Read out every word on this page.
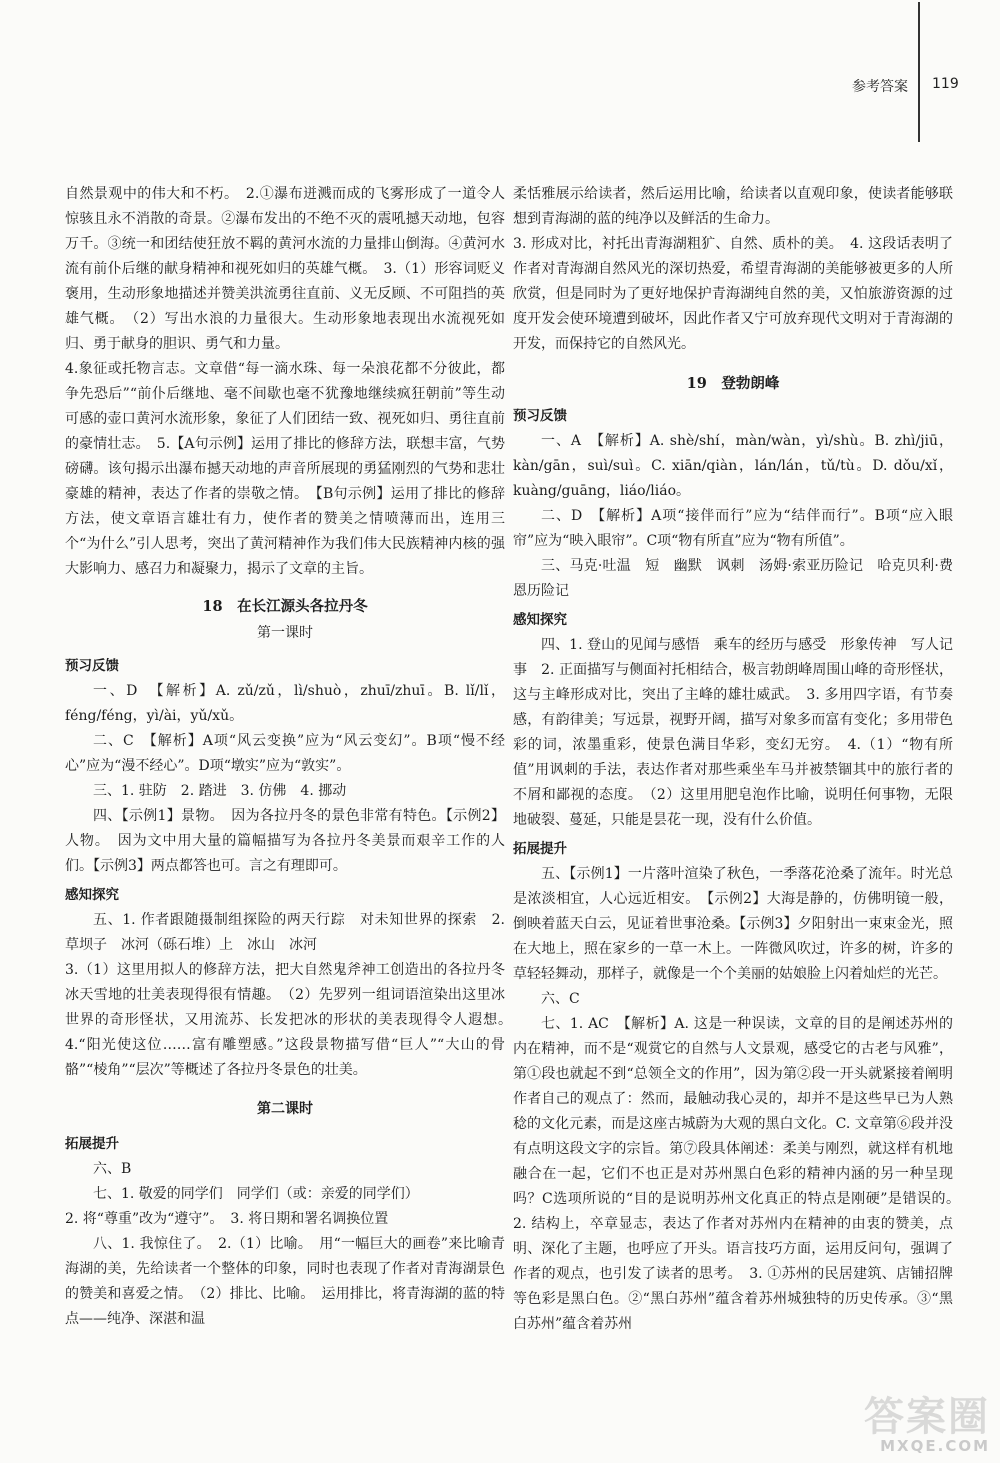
参考答案 119

自然景观中的伟大和不朽。　2.①瀑布迸溅而成的飞雾形成了一道令人惊骇且永不消散的奇景。②瀑布发出的不绝不灭的震吼撼天动地，包容万千。③统一和团结使狂放不羁的黄河水流的力量排山倒海。④黄河水流有前仆后继的献身精神和视死如归的英雄气概。　3.（1）形容词贬义褒用，生动形象地描述并赞美洪流勇往直前、义无反顾、不可阻挡的英雄气概。　（2）写出水浪的力量很大。生动形象地表现出水流视死如归、勇于献身的胆识、勇气和力量。

4.象征或托物言志。文章借“每一滴水珠、每一朵浪花都不分彼此，都争先恐后”“前仆后继地、毫不间歇也毫不犹豫地继续疯狂朝前”等生动可感的壶口黄河水流形象，象征了人们团结一致、视死如归、勇往直前的豪情壮志。　5.【A句示例】运用了排比的修辞方法，联想丰富，气势磅礴。该句揭示出瀑布撼天动地的声音所展现的勇猛刚烈的气势和悲壮豪雄的精神，表达了作者的崇敬之情。　【B句示例】运用了排比的修辞方法，使文章语言雄壮有力，使作者的赞美之情喷薄而出，连用三个“为什么”引人思考，突出了黄河精神作为我们伟大民族精神内核的强大影响力、感召力和凝聚力，揭示了文章的主旨。

18　在长江源头各拉丹冬
第一课时
预习反馈

一、D　【解析】A. zǔ/zǔ，lì/shuò，zhuī/zhuī。B. lǐ/lǐ，féng/féng，yì/ài，yǔ/xǔ。

二、C　【解析】A项“风云变换”应为“风云变幻”。B项“慢不经心”应为“漫不经心”。D项“墩实”应为“敦实”。

三、1. 驻防　2. 踏进　3. 仿佛　4. 挪动

四、【示例1】景物。　因为各拉丹冬的景色非常有特色。【示例2】人物。　因为文中用大量的篇幅描写为各拉丹冬美景而艰辛工作的人们。【示例3】两点都答也可。言之有理即可。

感知探究

五、1. 作者跟随摄制组探险的两天行踪　对未知世界的探索　2. 草坝子　冰河（砾石堆）上　冰山　冰河

3.（1）这里用拟人的修辞方法，把大自然鬼斧神工创造出的各拉丹冬冰天雪地的壮美表现得很有情趣。　（2）先罗列一组词语渲染出这里冰世界的奇形怪状，又用流苏、长发把冰的形状的美表现得令人遐想。　4.“阳光使这位……富有雕塑感。”这段景物描写借“巨人”“大山的骨骼”“棱角”“层次”等概述了各拉丹冬景色的壮美。

第二课时
拓展提升

六、B

七、1. 敬爱的同学们　同学们（或：亲爱的同学们）

2. 将“尊重”改为“遵守”。　3. 将日期和署名调换位置

八、1. 我惊住了。　2.（1）比喻。　用“一幅巨大的画卷”来比喻青海湖的美，先给读者一个整体的印象，同时也表现了作者对青海湖景色的赞美和喜爱之情。　（2）排比、比喻。　运用排比，将青海湖的蓝的特点——纯净、深湛和温

柔恬雅展示给读者，然后运用比喻，给读者以直观印象，使读者能够联想到青海湖的蓝的纯净以及鲜活的生命力。

3. 形成对比，衬托出青海湖粗犷、自然、质朴的美。　4. 这段话表明了作者对青海湖自然风光的深切热爱，希望青海湖的美能够被更多的人所欣赏，但是同时为了更好地保护青海湖纯自然的美，又怕旅游资源的过度开发会使环境遭到破坏，因此作者又宁可放弃现代文明对于青海湖的开发，而保持它的自然风光。

19　登勃朗峰
预习反馈

一、A　【解析】A. shè/shí，màn/wàn，yì/shù。B. zhì/jiū，kàn/gān，suì/suì。C. xiān/qiàn，lán/lán，tǔ/tù。D. dǒu/xǐ，kuàng/guāng，liáo/liáo。

二、D　【解析】A项“接伴而行”应为“结伴而行”。B项“应入眼帘”应为“映入眼帘”。C项“物有所直”应为“物有所值”。

三、马克·吐温　短　幽默　讽刺　汤姆·索亚历险记　哈克贝利·费恩历险记

感知探究

四、1. 登山的见闻与感悟　乘车的经历与感受　形象传神　写人记事　2. 正面描写与侧面衬托相结合，极言勃朗峰周围山峰的奇形怪状，这与主峰形成对比，突出了主峰的雄壮威武。　3. 多用四字语，有节奏感，有韵律美；写远景，视野开阔，描写对象多而富有变化；多用带色彩的词，浓墨重彩，使景色满目华彩，变幻无穷。　4.（1）“物有所值”用讽刺的手法，表达作者对那些乘坐车马并被禁锢其中的旅行者的不屑和鄙视的态度。　（2）这里用肥皂泡作比喻，说明任何事物，无限地破裂、蔓延，只能是昙花一现，没有什么价值。

拓展提升

五、【示例1】一片落叶渲染了秋色，一季落花沧桑了流年。时光总是浓淡相宜，人心远近相安。　【示例2】大海是静的，仿佛明镜一般，倒映着蓝天白云，见证着世事沧桑。【示例3】夕阳射出一束束金光，照在大地上，照在家乡的一草一木上。一阵微风吹过，许多的树，许多的草轻轻舞动，那样子，就像是一个个美丽的姑娘脸上闪着灿烂的光芒。

六、C

七、1. AC　【解析】A. 这是一种误读，文章的目的是阐述苏州的内在精神，而不是“观赏它的自然与人文景观，感受它的古老与风雅”，第①段也就起不到“总领全文的作用”，因为第②段一开头就紧接着阐明作者自己的观点了：然而，最触动我心灵的，却并不是这些早已为人熟稔的文化元素，而是这座古城蔚为大观的黑白文化。C. 文章第⑥段并没有点明这段文字的宗旨。第⑦段具体阐述：柔美与刚烈，就这样有机地融合在一起，它们不也正是对苏州黑白色彩的精神内涵的另一种呈现吗？C选项所说的“目的是说明苏州文化真正的特点是刚硬”是错误的。　2. 结构上，卒章显志，表达了作者对苏州内在精神的由衷的赞美，点明、深化了主题，也呼应了开头。语言技巧方面，运用反问句，强调了作者的观点，也引发了读者的思考。　3. ①苏州的民居建筑、店铺招牌等色彩是黑白色。②“黑白苏州”蕴含着苏州城独特的历史传承。③“黑白苏州”蕴含着苏州

答案圈
MXQE.COM
